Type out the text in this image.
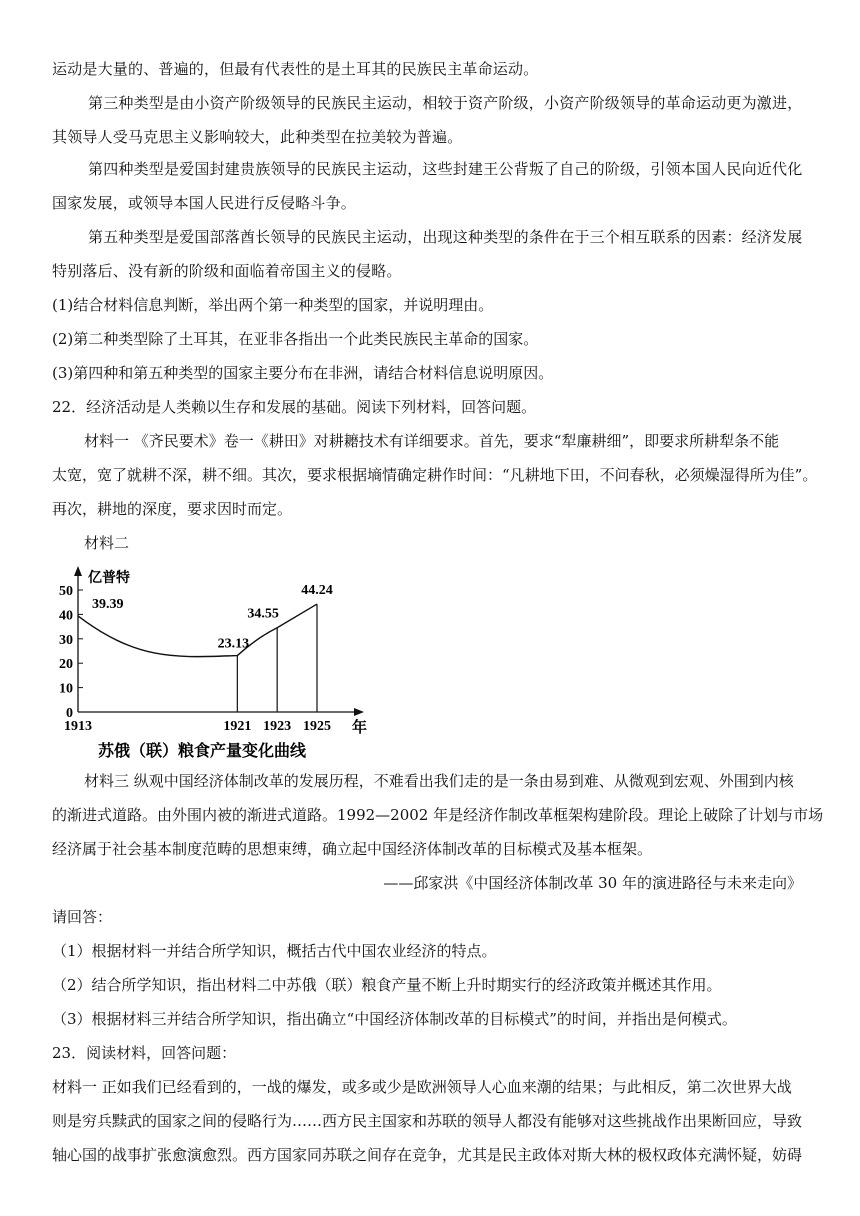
运动是大量的、普遍的，但最有代表性的是土耳其的民族民主革命运动。
第三种类型是由小资产阶级领导的民族民主运动，相较于资产阶级，小资产阶级领导的革命运动更为激进，
其领导人受马克思主义影响较大，此种类型在拉美较为普遍。
第四种类型是爱国封建贵族领导的民族民主运动，这些封建王公背叛了自己的阶级，引领本国人民向近代化
国家发展，或领导本国人民进行反侵略斗争。
第五种类型是爱国部落酋长领导的民族民主运动，出现这种类型的条件在于三个相互联系的因素：经济发展
特别落后、没有新的阶级和面临着帝国主义的侵略。
(1)结合材料信息判断，举出两个第一种类型的国家，并说明理由。
(2)第二种类型除了土耳其，在亚非各指出一个此类民族民主革命的国家。
(3)第四种和第五种类型的国家主要分布在非洲，请结合材料信息说明原因。
22．经济活动是人类赖以生存和发展的基础。阅读下列材料，回答问题。
材料一 《齐民要术》卷一《耕田》对耕耱技术有详细要求。首先，要求“犁廉耕细”，即要求所耕犁条不能
太宽，宽了就耕不深，耕不细。其次，要求根据墒情确定耕作时间：“凡耕地下田，不问春秋，必须燥湿得所为佳”。
再次，耕地的深度，要求因时而定。
材料二
0
10
20
30
40
50
亿普特
年
1913	1921 1923 1925
39.39
23.13
34.55
44.24
苏俄（联）粮食产量变化曲线
材料三 纵观中国经济体制改革的发展历程，不难看出我们走的是一条由易到难、从微观到宏观、外围到内核
的渐进式道路。由外围内被的渐进式道路。1992—2002 年是经济作制改革框架构建阶段。理论上破除了计划与市场
经济属于社会基本制度范畴的思想束缚，确立起中国经济体制改革的目标模式及基本框架。
——邱家洪《中国经济体制改革 30 年的演进路径与未来走向》
请回答：
（1）根据材料一并结合所学知识，概括古代中国农业经济的特点。
（2）结合所学知识，指出材料二中苏俄（联）粮食产量不断上升时期实行的经济政策并概述其作用。
（3）根据材料三并结合所学知识，指出确立“中国经济体制改革的目标模式”的时间，并指出是何模式。
23．阅读材料，回答问题：
材料一 正如我们已经看到的，一战的爆发，或多或少是欧洲领导人心血来潮的结果；与此相反，第二次世界大战
则是穷兵黩武的国家之间的侵略行为……西方民主国家和苏联的领导人都没有能够对这些挑战作出果断回应，导致
轴心国的战事扩张愈演愈烈。西方国家同苏联之间存在竞争，尤其是民主政体对斯大林的极权政体充满怀疑，妨碍
